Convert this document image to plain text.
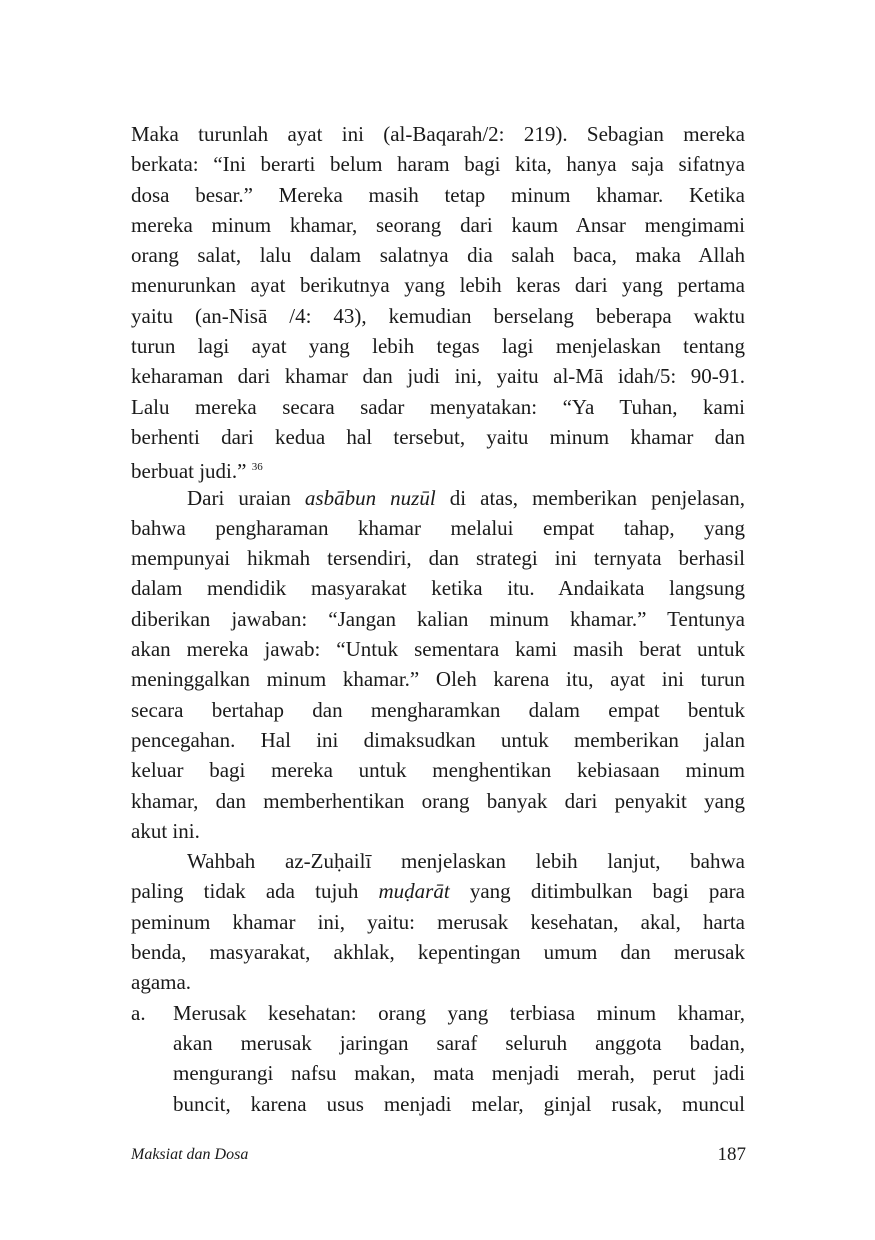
Maka turunlah ayat ini (al-Baqarah/2: 219). Sebagian mereka
berkata: “Ini berarti belum haram bagi kita, hanya saja sifatnya
dosa besar.” Mereka masih tetap minum khamar. Ketika
mereka minum khamar, seorang dari kaum Ansar mengimami
orang salat, lalu dalam salatnya dia salah baca, maka Allah
menurunkan ayat berikutnya yang lebih keras dari yang pertama
yaitu (an-Nisā /4: 43), kemudian berselang beberapa waktu
turun lagi ayat yang lebih tegas lagi menjelaskan tentang
keharaman dari khamar dan judi ini, yaitu al-Mā idah/5: 90-91.
Lalu mereka secara sadar menyatakan: “Ya Tuhan, kami
berhenti dari kedua hal tersebut, yaitu minum khamar dan
berbuat judi.” $^{36}$
Dari uraian asbābun nuzūl di atas, memberikan penjelasan,
bahwa pengharaman khamar melalui empat tahap, yang
mempunyai hikmah tersendiri, dan strategi ini ternyata berhasil
dalam mendidik masyarakat ketika itu. Andaikata langsung
diberikan jawaban: “Jangan kalian minum khamar.” Tentunya
akan mereka jawab: “Untuk sementara kami masih berat untuk
meninggalkan minum khamar.” Oleh karena itu, ayat ini turun
secara bertahap dan mengharamkan dalam empat bentuk
pencegahan. Hal ini dimaksudkan untuk memberikan jalan
keluar bagi mereka untuk menghentikan kebiasaan minum
khamar, dan memberhentikan orang banyak dari penyakit yang
akut ini.
Wahbah az-Zuḥailī menjelaskan lebih lanjut, bahwa
paling tidak ada tujuh muḍarāt yang ditimbulkan bagi para
peminum khamar ini, yaitu: merusak kesehatan, akal, harta
benda, masyarakat, akhlak, kepentingan umum dan merusak
agama.
a. Merusak kesehatan: orang yang terbiasa minum khamar,
akan merusak jaringan saraf seluruh anggota badan,
mengurangi nafsu makan, mata menjadi merah, perut jadi
buncit, karena usus menjadi melar, ginjal rusak, muncul
Maksiat dan Dosa	187
